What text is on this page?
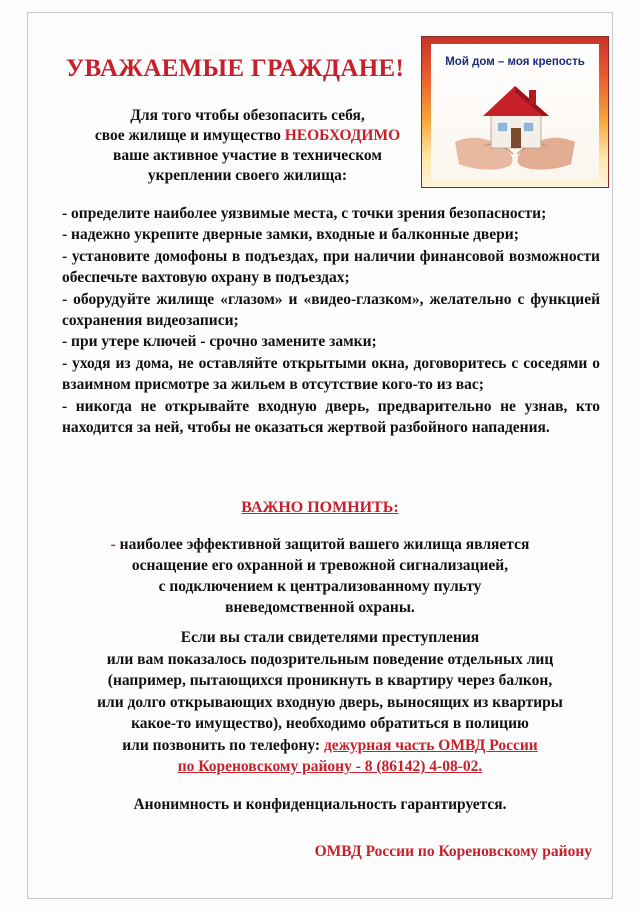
УВАЖАЕМЫЕ ГРАЖДАНЕ!	Мой дом – моя крепость
Для того чтобы обезопасить себя,
свое жилище и имущество НЕОБХОДИМО
ваше активное участие в техническом
укреплении своего жилища:

- определите наиболее уязвимые места, с точки зрения безопасности;

- надежно укрепите дверные замки, входные и балконные двери;

- установите домофоны в подъездах, при наличии финансовой возможности обеспечьте вахтовую охрану в подъездах;

- оборудуйте жилище «глазом» и «видео-глазком», желательно с функцией сохранения видеозаписи;

- при утере ключей - срочно замените замки;

- уходя из дома, не оставляйте открытыми окна, договоритесь с соседями о взаимном присмотре за жильем в отсутствие кого-то из вас;

- никогда не открывайте входную дверь, предварительно не узнав, кто находится за ней, чтобы не оказаться жертвой разбойного нападения.

ВАЖНО ПОМНИТЬ:
- наиболее эффективной защитой вашего жилища является
оснащение его охранной и тревожной сигнализацией,
с подключением к централизованному пульту
вневедомственной охраны.
Если вы стали свидетелями преступления
или вам показалось подозрительным поведение отдельных лиц
(например, пытающихся проникнуть в квартиру через балкон,
или долго открывающих входную дверь, выносящих из квартиры
какое-то имущество), необходимо обратиться в полицию
или позвонить по телефону: дежурная часть ОМВД России
по Кореновскому району - 8 (86142) 4-08-02.
Анонимность и конфиденциальность гарантируется.
ОМВД России по Кореновскому району
